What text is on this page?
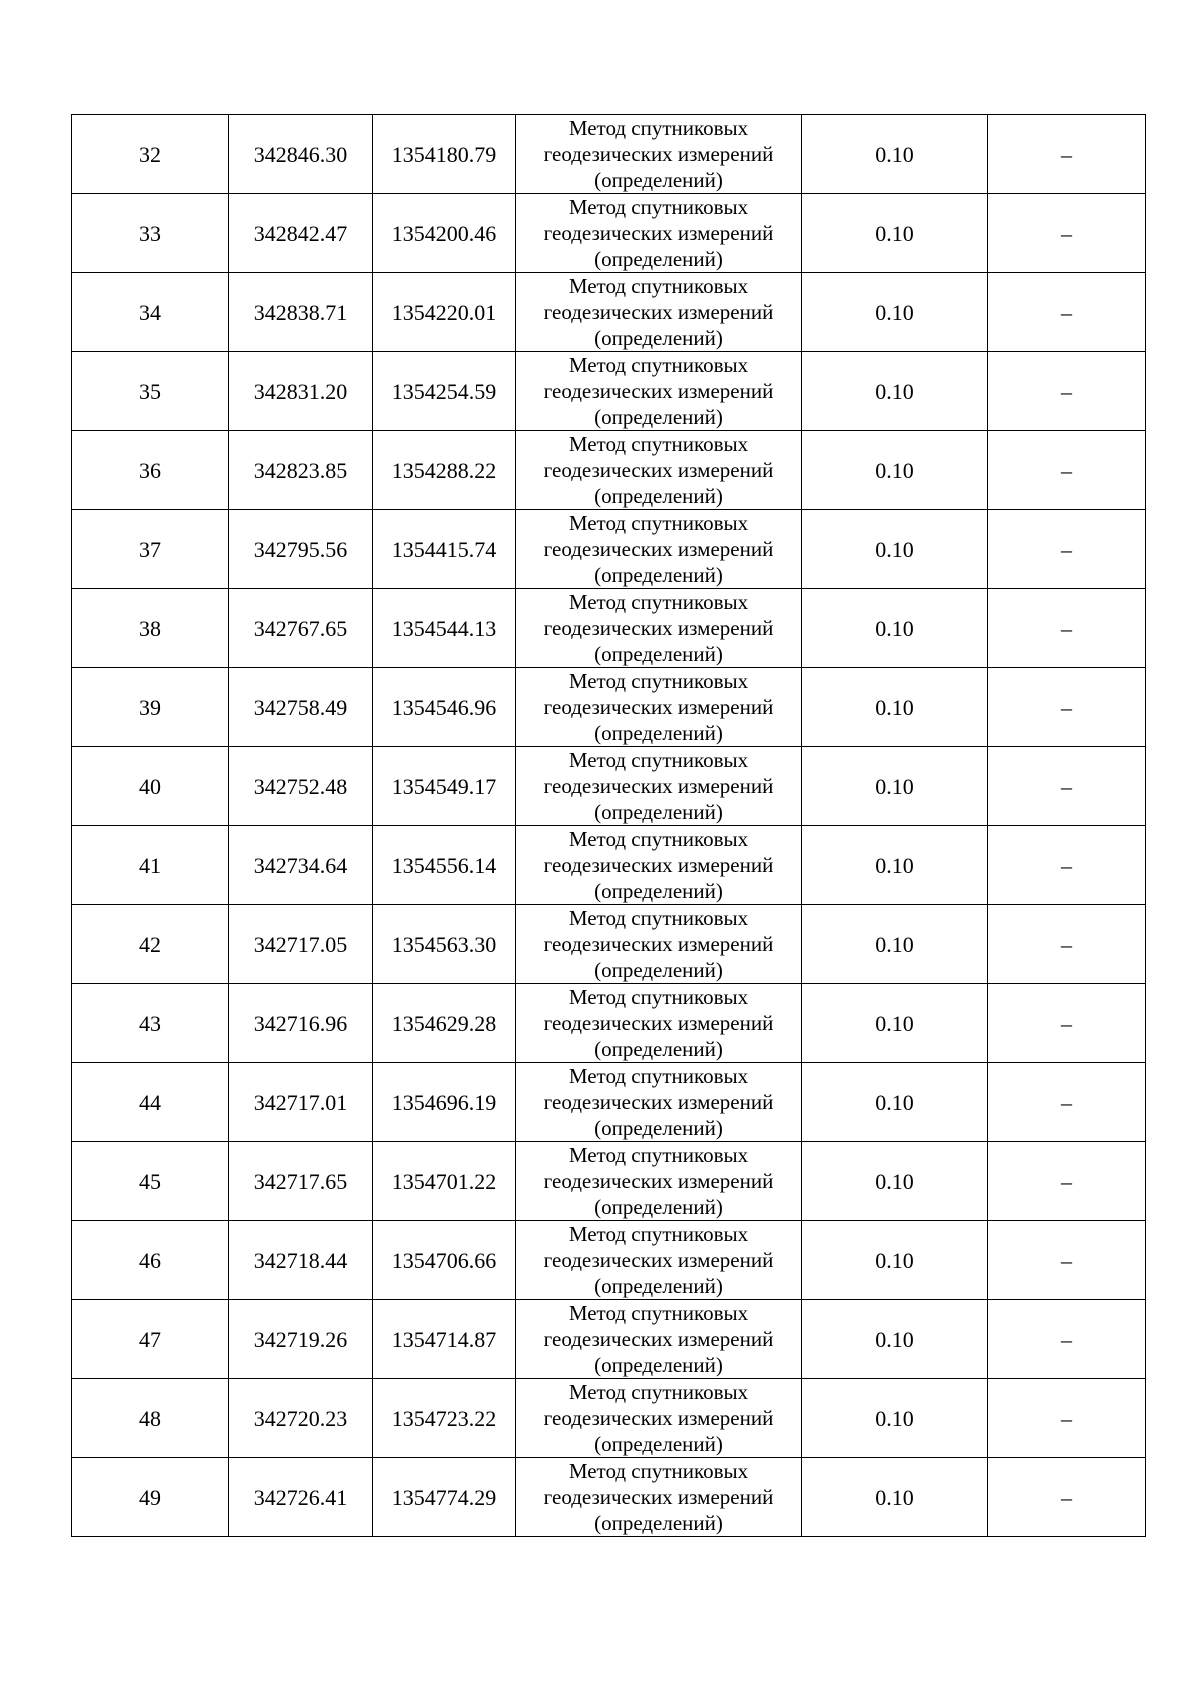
32	342846.30	1354180.79	Метод спутниковых
геодезических измерений
(определений)	0.10	–
33	342842.47	1354200.46	Метод спутниковых
геодезических измерений
(определений)	0.10	–
34	342838.71	1354220.01	Метод спутниковых
геодезических измерений
(определений)	0.10	–
35	342831.20	1354254.59	Метод спутниковых
геодезических измерений
(определений)	0.10	–
36	342823.85	1354288.22	Метод спутниковых
геодезических измерений
(определений)	0.10	–
37	342795.56	1354415.74	Метод спутниковых
геодезических измерений
(определений)	0.10	–
38	342767.65	1354544.13	Метод спутниковых
геодезических измерений
(определений)	0.10	–
39	342758.49	1354546.96	Метод спутниковых
геодезических измерений
(определений)	0.10	–
40	342752.48	1354549.17	Метод спутниковых
геодезических измерений
(определений)	0.10	–
41	342734.64	1354556.14	Метод спутниковых
геодезических измерений
(определений)	0.10	–
42	342717.05	1354563.30	Метод спутниковых
геодезических измерений
(определений)	0.10	–
43	342716.96	1354629.28	Метод спутниковых
геодезических измерений
(определений)	0.10	–
44	342717.01	1354696.19	Метод спутниковых
геодезических измерений
(определений)	0.10	–
45	342717.65	1354701.22	Метод спутниковых
геодезических измерений
(определений)	0.10	–
46	342718.44	1354706.66	Метод спутниковых
геодезических измерений
(определений)	0.10	–
47	342719.26	1354714.87	Метод спутниковых
геодезических измерений
(определений)	0.10	–
48	342720.23	1354723.22	Метод спутниковых
геодезических измерений
(определений)	0.10	–
49	342726.41	1354774.29	Метод спутниковых
геодезических измерений
(определений)	0.10	–
